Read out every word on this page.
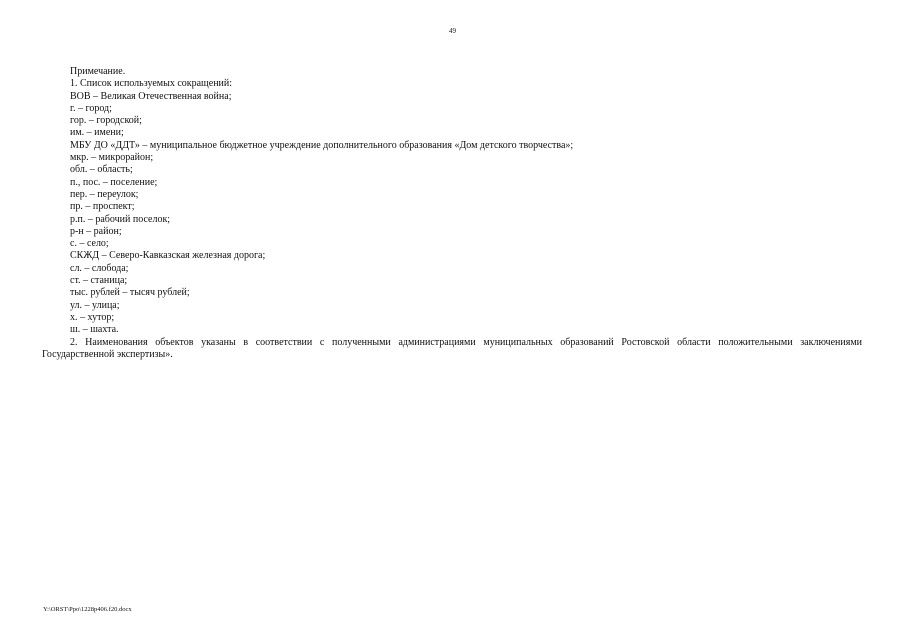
49
Примечание.
1. Список используемых сокращений:
ВОВ – Великая Отечественная война;
г. – город;
гор. – городской;
им. – имени;
МБУ ДО «ДДТ» – муниципальное бюджетное учреждение дополнительного образования «Дом детского творчества»;
мкр. – микрорайон;
обл. – область;
п., пос. – поселение;
пер. – переулок;
пр. – проспект;
р.п. – рабочий поселок;
р-н – район;
с. – село;
СКЖД – Северо-Кавказская железная дорога;
сл. – слобода;
ст. – станица;
тыс. рублей – тысяч рублей;
ул. – улица;
х. – хутор;
ш. – шахта.

2. Наименования объектов указаны в соответствии с полученными администрациями муниципальных образований Ростовской области положительными заключениями Государственной экспертизы».

Y:\ORST\Ppo\1228p406.f20.docx
